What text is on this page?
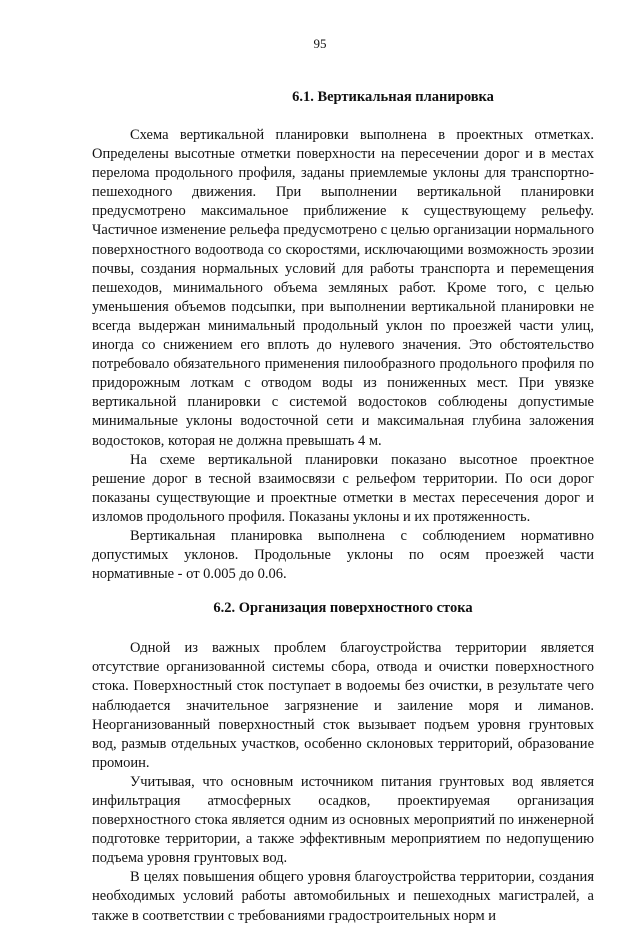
95
6.1. Вертикальная планировка

Схема вертикальной планировки выполнена в проектных отметках. Определены высотные отметки поверхности на пересечении дорог и в местах перелома продольного профиля, заданы приемлемые уклоны для транспортно-пешеходного движения. При выполнении вертикальной планировки предусмотрено максимальное приближение к существующему рельефу. Частичное изменение рельефа предусмотрено с целью организации нормального поверхностного водоотвода со скоростями, исключающими возможность эрозии почвы, создания нормальных условий для работы транспорта и перемещения пешеходов, минимального объема земляных работ. Кроме того, с целью уменьшения объемов подсыпки, при выполнении вертикальной планировки не всегда выдержан минимальный продольный уклон по проезжей части улиц, иногда со снижением его вплоть до нулевого значения. Это обстоятельство потребовало обязательного применения пилообразного продольного профиля по придорожным лоткам с отводом воды из пониженных мест. При увязке вертикальной планировки с системой водостоков соблюдены допустимые минимальные уклоны водосточной сети и максимальная глубина заложения водостоков, которая не должна превышать 4 м.

На схеме вертикальной планировки показано высотное проектное решение дорог в тесной взаимосвязи с рельефом территории. По оси дорог показаны существующие и проектные отметки в местах пересечения дорог и изломов продольного профиля. Показаны уклоны и их протяженность.

Вертикальная планировка выполнена с соблюдением нормативно допустимых уклонов. Продольные уклоны по осям проезжей части нормативные - от 0.005 до 0.06.

6.2. Организация поверхностного стока

Одной из важных проблем благоустройства территории является отсутствие организованной системы сбора, отвода и очистки поверхностного стока. Поверхностный сток поступает в водоемы без очистки, в результате чего наблюдается значительное загрязнение и заиление моря и лиманов. Неорганизованный поверхностный сток вызывает подъем уровня грунтовых вод, размыв отдельных участков, особенно склоновых территорий, образование промоин.

Учитывая, что основным источником питания грунтовых вод является инфильтрация атмосферных осадков, проектируемая организация поверхностного стока является одним из основных мероприятий по инженерной подготовке территории, а также эффективным мероприятием по недопущению подъема уровня грунтовых вод.

В целях повышения общего уровня благоустройства территории, создания необходимых условий работы автомобильных и пешеходных магистралей, а также в соответствии с требованиями градостроительных норм и
